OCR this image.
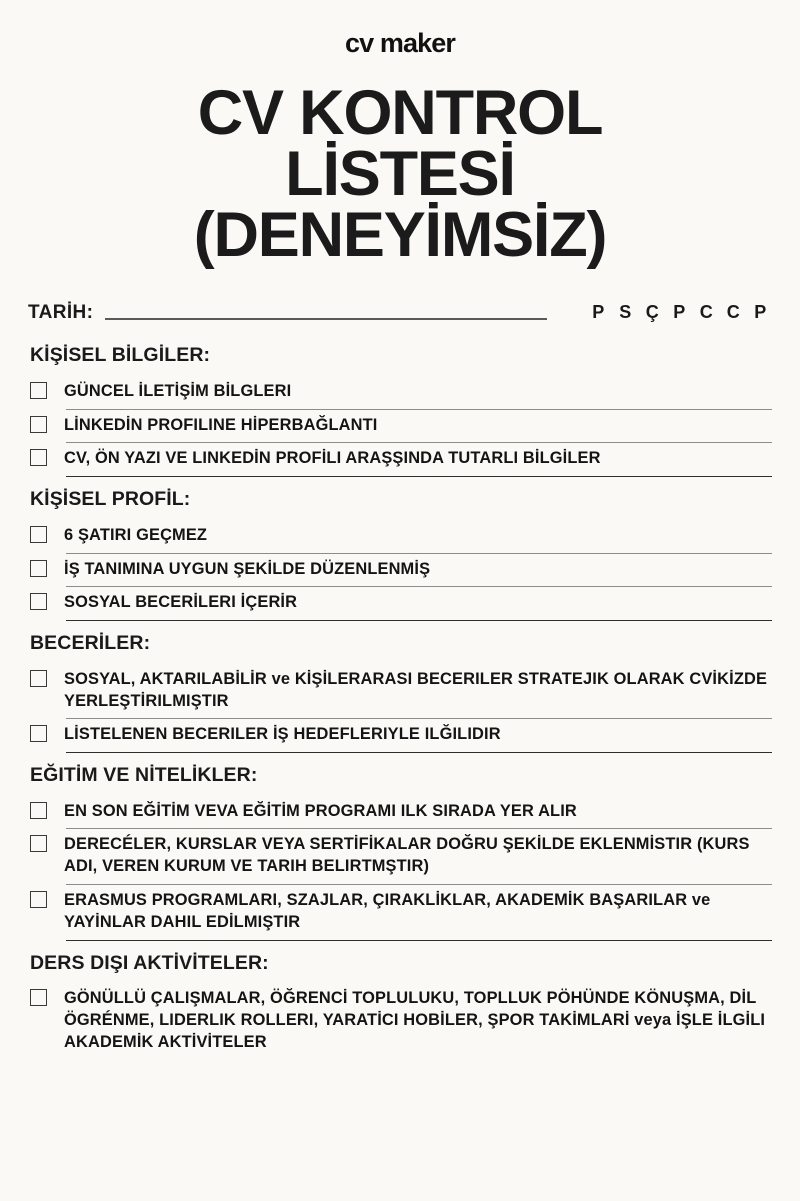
cv maker
CV KONTROL
LİSTESİ
(DENEYİMSİZ)
TARİH:	P S Ç P C C P
KİŞİSEL BİLGİLER:
GÜNCEL İLETİŞİM BİLGLERI
LİNKEDİN PROFILINE HİPERBAĞLANTI
CV, ÖN YAZI VE LINKEDİN PROFİLI ARAŞŞINDA TUTARLI BİLGİLER
KİŞİSEL PROFİL:
6 ŞATIRI GEÇMEZ
İŞ TANIMINA UYGUN ŞEKİLDE DÜZENLENMİŞ
SOSYAL BECERİLERI İÇERİR
BECERİLER:
SOSYAL, AKTARILABİLİR ve KİŞİLERARASI BECERILER STRATEJIK OLARAK CVİKİZDE YERLEŞTİRILMIŞTIR
LİSTELENEN BECERILER İŞ HEDEFLERIYLE ILĞILIDIR
EĞITİM VE NİTELİKLER:
EN SON EĞİTİM VEVA EĞİTİM PROGRAMI ILK SIRADA YER ALIR
DERECÉLER, KURSLAR VEYA SERTİFİKALAR DOĞRU ŞEKİLDE EKLENMİSTIR (KURS ADI, VEREN KURUM VE TARIH BELIRTMŞTIR)
ERASMUS PROGRAMLARI, SZAJLAR, ÇIRAKLİKLAR, AKADEMİK BAŞARILAR ve YAYİNLAR DAHIL EDİLMIŞTIR
DERS DIŞI AKTİVİTELER:
GÖNÜLLÜ ÇALIŞMALAR, ÖĞRENCİ TOPLULUKU, TOPLLUK PÖHÜNDE KÖNUŞMA, DİL ÖGRÉNME, LIDERLIK ROLLERI, YARATİCI HOBİLER, ŞPOR TAKİMLARİ veya İŞLE İLGİLI AKADEMİK AKTİVİTELER
